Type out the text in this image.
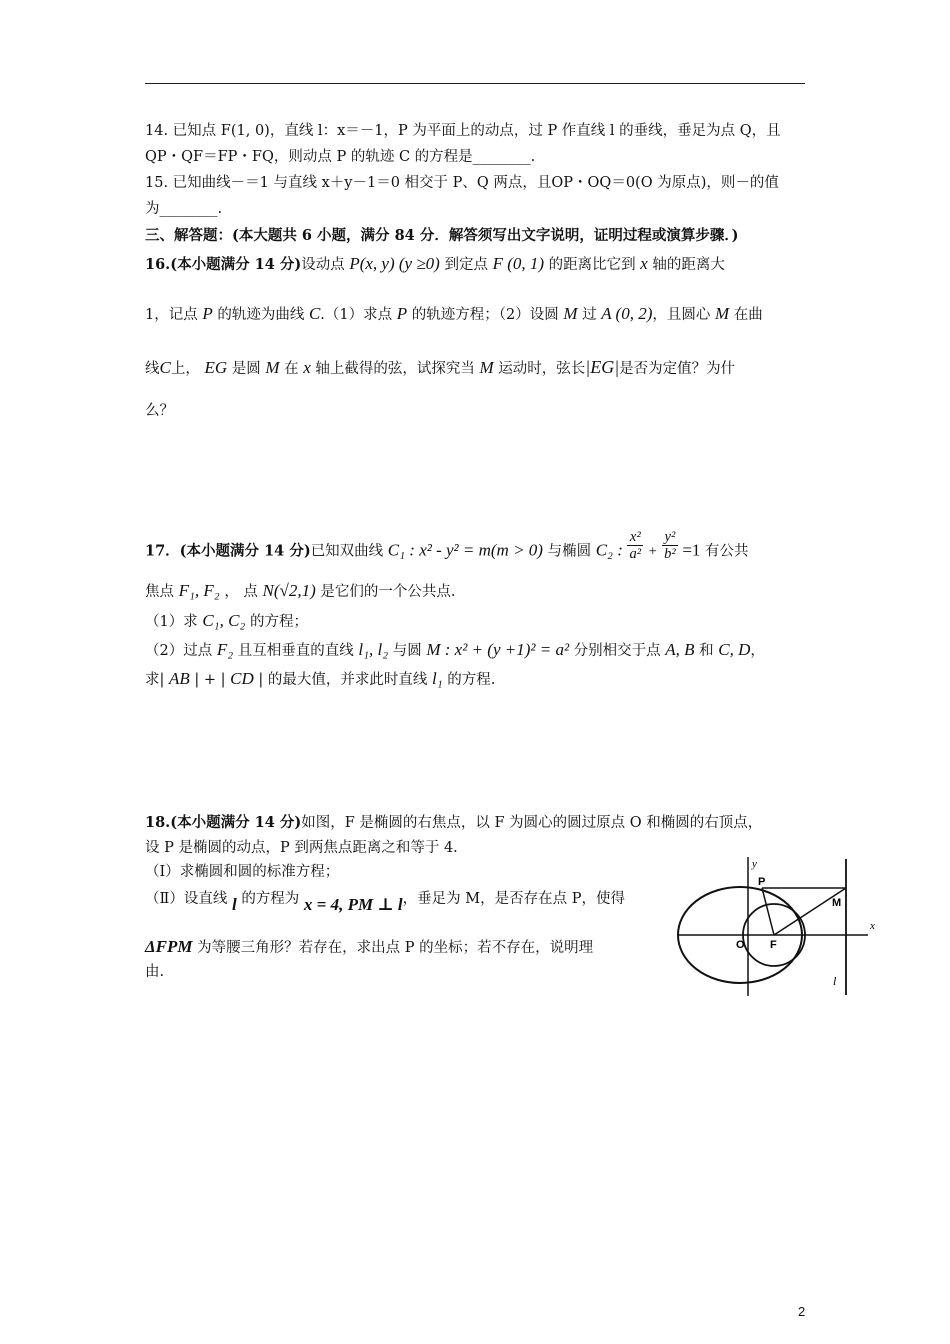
14. 已知点 F(1, 0)，直线 l：x＝－1，P 为平面上的动点，过 P 作直线 l 的垂线，垂足为点 Q，且
QP・QF＝FP・FQ，则动点 P 的轨迹 C 的方程是________.
15. 已知曲线－＝1 与直线 x＋y－1＝0 相交于 P、Q 两点，且OP・OQ＝0(O 为原点)，则－的值
为________.
三、解答题：(本大题共 6 小题，满分 84 分．解答须写出文字说明，证明过程或演算步骤．)
16.(本小题满分 14 分)设动点 P(x, y) (y ≥0) 到定点 F (0, 1) 的距离比它到 x 轴的距离大
1，记点 P 的轨迹为曲线 C.（1）求点 P 的轨迹方程；（2）设圆 M 过 A (0, 2)，且圆心 M 在曲
线C上， EG 是圆 M 在 x 轴上截得的弦，试探究当 M 运动时，弦长|EG|是否为定值？为什
么？
17．(本小题满分 14 分)已知双曲线 C₁ : x² - y² = m(m > 0) 与椭圆 C₂ : $\frac{\text{x²}}{\text{a²}} + \frac{\text{y²}}{\text{b²}} =1$ 有公共
焦点 F₁, F₂ ， 点 N(√2,1) 是它们的一个公共点.
（1）求 C₁, C₂ 的方程；
（2）过点 F₂ 且互相垂直的直线 l₁, l₂ 与圆 M : x² + (y +1)² = a² 分别相交于点 A, B 和 C, D，
求| AB | + | CD | 的最大值，并求此时直线 l₁ 的方程.
18.(本小题满分 14 分)如图，F 是椭圆的右焦点，以 F 为圆心的圆过原点 O 和椭圆的右顶点，
设 P 是椭圆的动点，P 到两焦点距离之和等于 4.
（Ⅰ）求椭圆和圆的标准方程；
（Ⅱ）设直线 l 的方程为 x = 4, PM ⊥ l，垂足为 M，是否存在点 P，使得
ΔFPM 为等腰三角形？若存在，求出点 P 的坐标；若不存在，说明理
由.
y
x
P
M
O F
l
2
